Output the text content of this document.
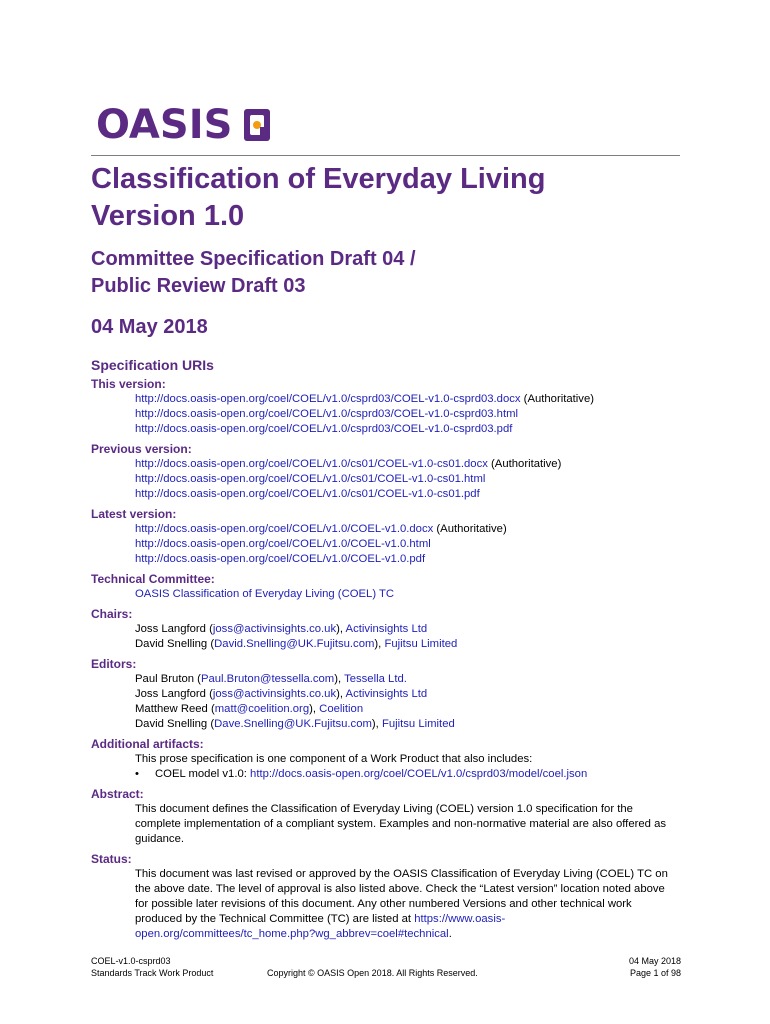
OASIS
Classification of Everyday Living
Version 1.0
Committee Specification Draft 04 /
Public Review Draft 03
04 May 2018
Specification URIs
This version:
http://docs.oasis-open.org/coel/COEL/v1.0/csprd03/COEL-v1.0-csprd03.docx (Authoritative)
http://docs.oasis-open.org/coel/COEL/v1.0/csprd03/COEL-v1.0-csprd03.html
http://docs.oasis-open.org/coel/COEL/v1.0/csprd03/COEL-v1.0-csprd03.pdf
Previous version:
http://docs.oasis-open.org/coel/COEL/v1.0/cs01/COEL-v1.0-cs01.docx (Authoritative)
http://docs.oasis-open.org/coel/COEL/v1.0/cs01/COEL-v1.0-cs01.html
http://docs.oasis-open.org/coel/COEL/v1.0/cs01/COEL-v1.0-cs01.pdf
Latest version:
http://docs.oasis-open.org/coel/COEL/v1.0/COEL-v1.0.docx (Authoritative)
http://docs.oasis-open.org/coel/COEL/v1.0/COEL-v1.0.html
http://docs.oasis-open.org/coel/COEL/v1.0/COEL-v1.0.pdf
Technical Committee:
OASIS Classification of Everyday Living (COEL) TC
Chairs:
Joss Langford (joss@activinsights.co.uk), Activinsights Ltd
David Snelling (David.Snelling@UK.Fujitsu.com), Fujitsu Limited
Editors:
Paul Bruton (Paul.Bruton@tessella.com), Tessella Ltd.
Joss Langford (joss@activinsights.co.uk), Activinsights Ltd
Matthew Reed (matt@coelition.org), Coelition
David Snelling (Dave.Snelling@UK.Fujitsu.com), Fujitsu Limited
Additional artifacts:
This prose specification is one component of a Work Product that also includes:
• COEL model v1.0: http://docs.oasis-open.org/coel/COEL/v1.0/csprd03/model/coel.json
Abstract:
This document defines the Classification of Everyday Living (COEL) version 1.0 specification for the complete implementation of a compliant system. Examples and non-normative material are also offered as guidance.
Status:
This document was last revised or approved by the OASIS Classification of Everyday Living (COEL) TC on the above date. The level of approval is also listed above. Check the “Latest version” location noted above for possible later revisions of this document. Any other numbered Versions and other technical work produced by the Technical Committee (TC) are listed at https://www.oasis-open.org/committees/tc_home.php?wg_abbrev=coel#technical.
COEL-v1.0-csprd03
Standards Track Work Product	Copyright © OASIS Open 2018. All Rights Reserved.
04 May 2018
Page 1 of 98
